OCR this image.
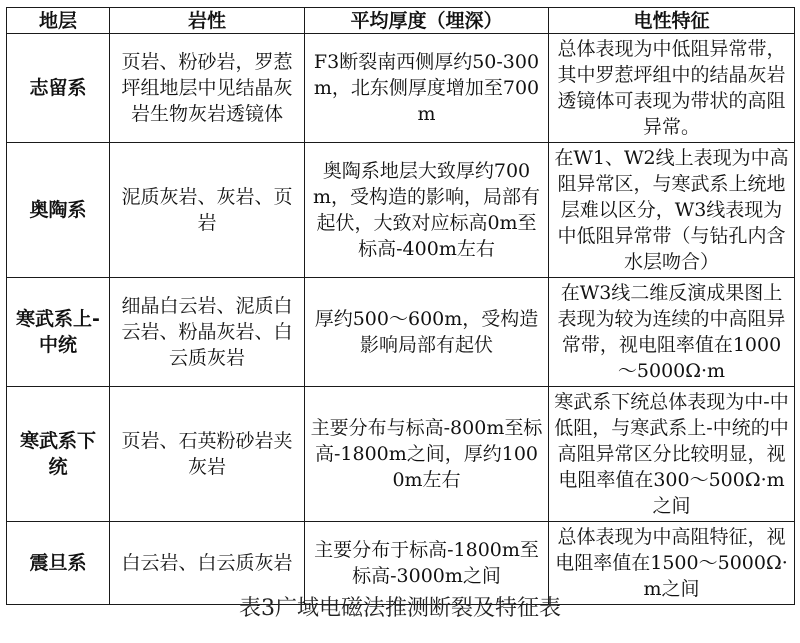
地层	岩性	平均厚度（埋深）	电性特征
志留系	页岩、粉砂岩，罗惹坪组地层中见结晶灰岩生物灰岩透镜体	F3断裂南西侧厚约50-300m，北东侧厚度增加至700m	总体表现为中低阻异常带，其中罗惹坪组中的结晶灰岩透镜体可表现为带状的高阻异常。
奥陶系	泥质灰岩、灰岩、页岩	奥陶系地层大致厚约700m，受构造的影响，局部有起伏，大致对应标高0m至标高-400m左右	在W1、W2线上表现为中高阻异常区，与寒武系上统地层难以区分，W3线表现为中低阻异常带（与钻孔内含水层吻合）
寒武系上-中统	细晶白云岩、泥质白云岩、粉晶灰岩、白云质灰岩	厚约500～600m，受构造影响局部有起伏	在W3线二维反演成果图上表现为较为连续的中高阻异常带，视电阻率值在1000～5000Ω·m
寒武系下统	页岩、石英粉砂岩夹灰岩	主要分布与标高-800m至标高-1800m之间，厚约1000m左右	寒武系下统总体表现为中-中低阻，与寒武系上-中统的中高阻异常区分比较明显，视电阻率值在300～500Ω·m之间
震旦系	白云岩、白云质灰岩	主要分布于标高-1800m至标高-3000m之间	总体表现为中高阻特征，视电阻率值在1500～5000Ω·m之间
表3广域电磁法推测断裂及特征表
